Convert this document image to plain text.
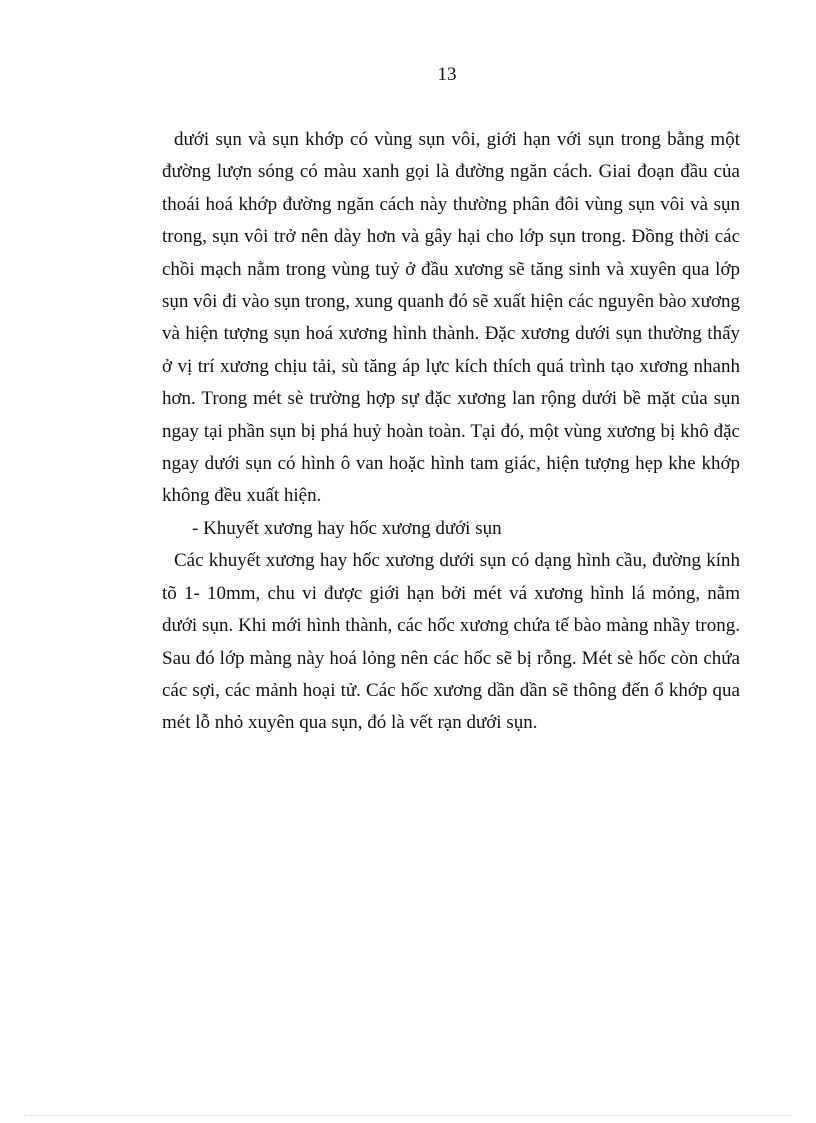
13

dưới sụn và sụn khớp có vùng sụn vôi, giới hạn với sụn trong bằng một đường lượn sóng có màu xanh gọi là đường ngăn cách. Giai đoạn đầu của thoái hoá khớp đường ngăn cách này thường phân đôi vùng sụn vôi và sụn trong, sụn vôi trở nên dày hơn và gây hại cho lớp sụn trong. Đồng thời các chồi mạch nằm trong vùng tuỷ ở đầu xương sẽ tăng sinh và xuyên qua lớp sụn vôi đi vào sụn trong, xung quanh đó sẽ xuất hiện các nguyên bào xương và hiện tượng sụn hoá xương hình thành. Đặc xương dưới sụn thường thấy ở vị trí xương chịu tải, sù tăng áp lực kích thích quá trình tạo xương nhanh hơn. Trong mét sè trường hợp sự đặc xương lan rộng dưới bề mặt của sụn ngay tại phần sụn bị phá huỷ hoàn toàn. Tại đó, một vùng xương bị khô đặc ngay dưới sụn có hình ô van hoặc hình tam giác, hiện tượng hẹp khe khớp không đều xuất hiện.

- Khuyết xương hay hốc xương dưới sụn

Các khuyết xương hay hốc xương dưới sụn có dạng hình cầu, đường kính tõ 1- 10mm, chu vi được giới hạn bởi mét vá xương hình lá mỏng, nằm dưới sụn. Khi mới hình thành, các hốc xương chứa tế bào màng nhầy trong. Sau đó lớp màng này hoá lỏng nên các hốc sẽ bị rỗng. Mét sè hốc còn chứa các sợi, các mảnh hoại tử. Các hốc xương dần dần sẽ thông đến ổ khớp qua mét lỗ nhỏ xuyên qua sụn, đó là vết rạn dưới sụn.
